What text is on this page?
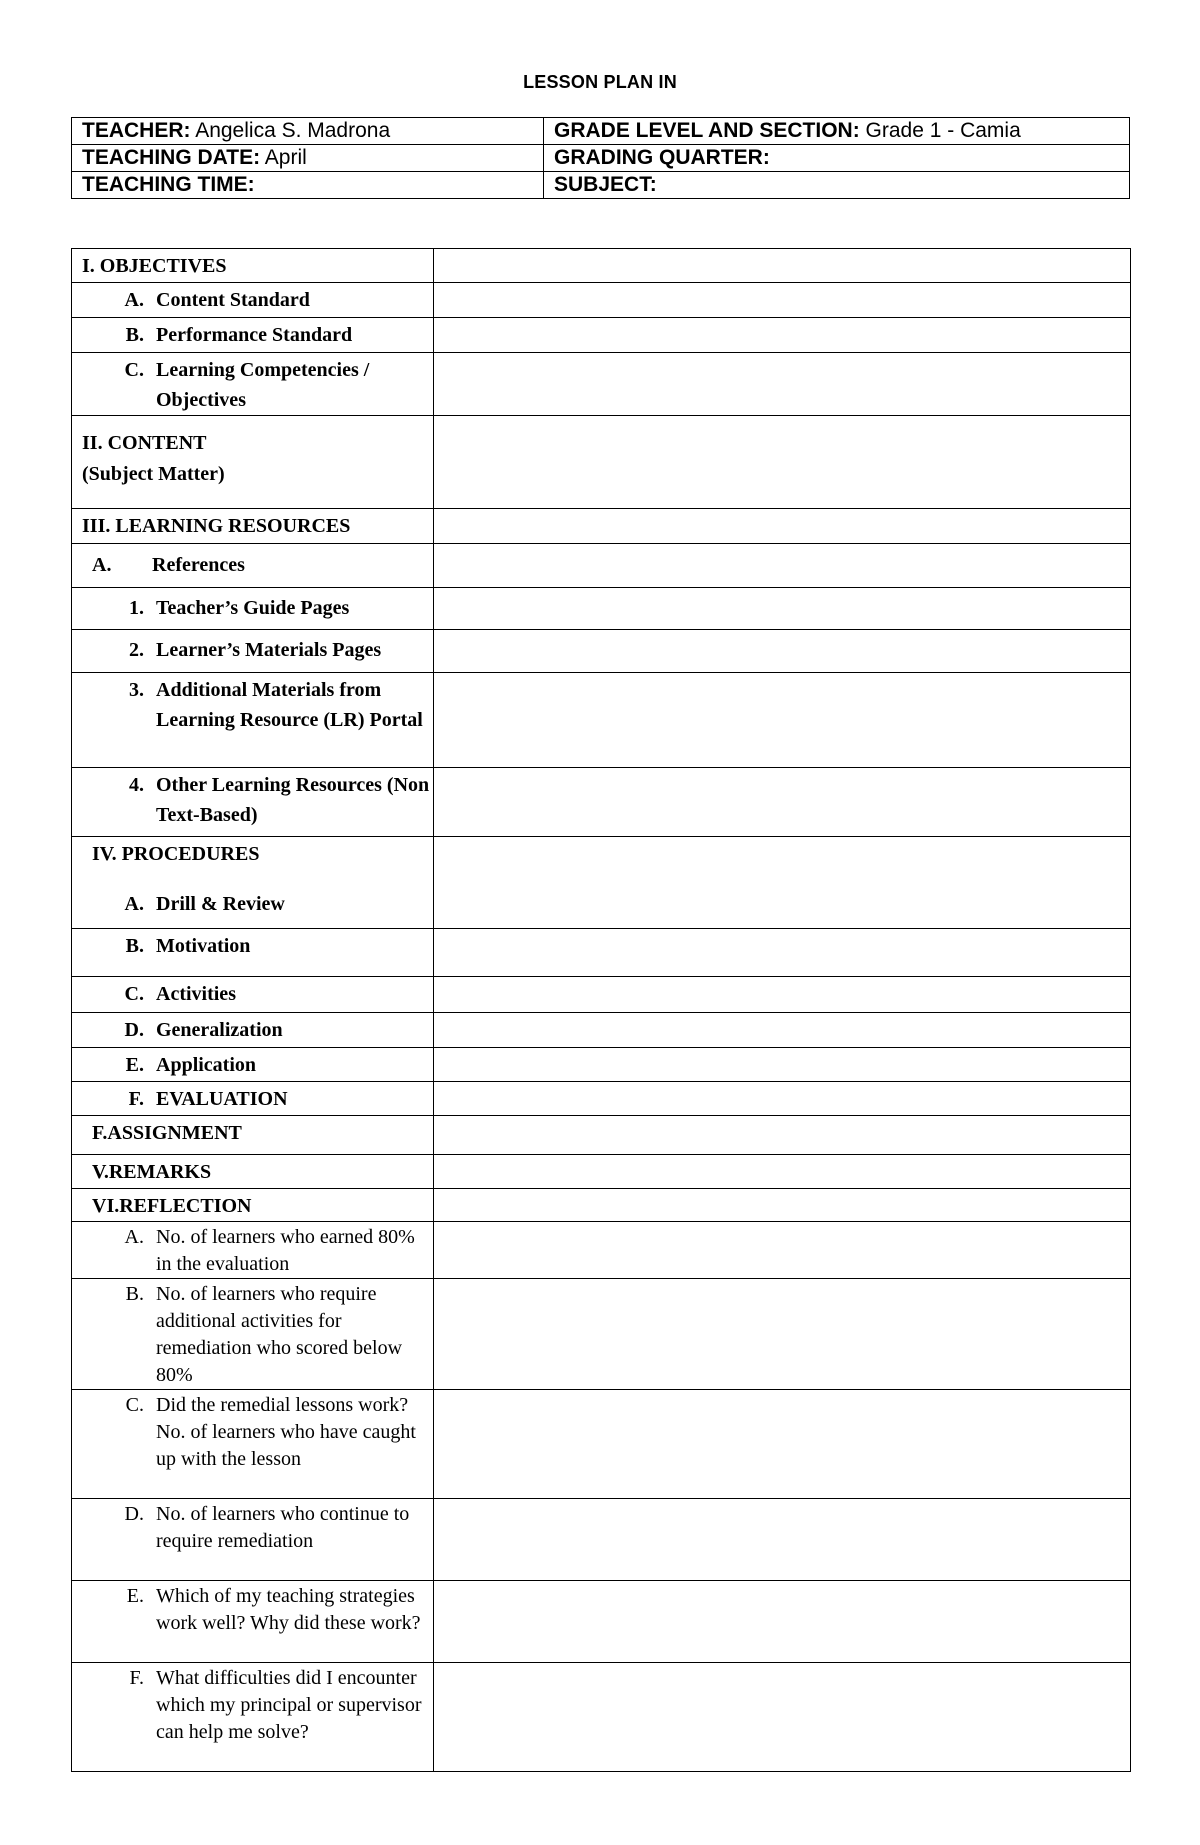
LESSON PLAN IN
TEACHER: Angelica S. Madrona	GRADE LEVEL AND SECTION: Grade 1 - Camia
TEACHING DATE: April	GRADING QUARTER:
TEACHING TIME:	SUBJECT:
I. OBJECTIVES	

A. Content Standard	

B. Performance Standard	

C. Learning Competencies / Objectives	

II. CONTENT
(Subject Matter)	

III. LEARNING RESOURCES	

A. References	

1. Teacher’s Guide Pages	

2. Learner’s Materials Pages	

3. Additional Materials from Learning Resource (LR) Portal	

4. Other Learning Resources (Non Text-Based)	

IV. PROCEDURES
A. Drill & Review	

B. Motivation	

C. Activities	

D. Generalization	

E. Application	

F. EVALUATION	

F.ASSIGNMENT	

V.REMARKS	

VI.REFLECTION	

A. No. of learners who earned 80% in the evaluation	

B. No. of learners who require additional activities for remediation who scored below 80%	

C. Did the remedial lessons work? No. of learners who have caught up with the lesson	

D. No. of learners who continue to require remediation	

E. Which of my teaching strategies work well? Why did these work?	

F. What difficulties did I encounter which my principal or supervisor can help me solve?	
